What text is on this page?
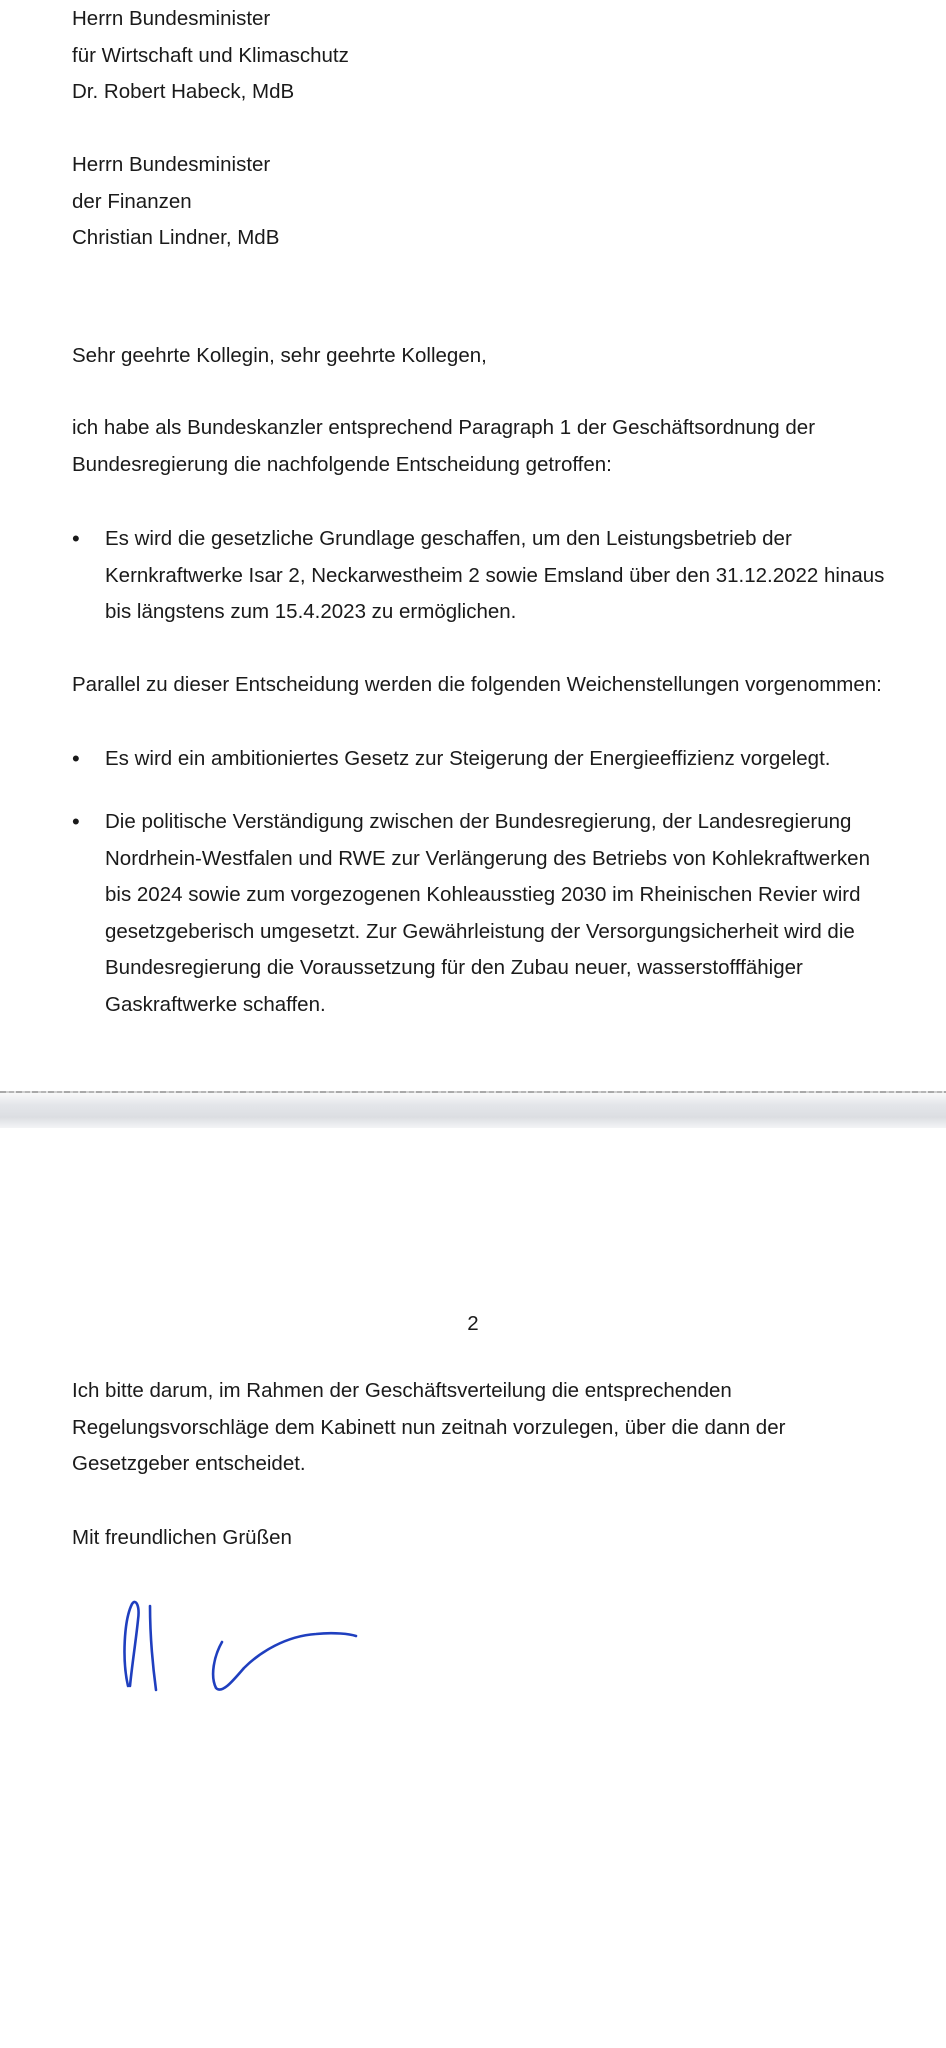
Herrn Bundesminister
für Wirtschaft und Klimaschutz
Dr. Robert Habeck, MdB
Herrn Bundesminister
der Finanzen
Christian Lindner, MdB

Sehr geehrte Kollegin, sehr geehrte Kollegen,

ich habe als Bundeskanzler entsprechend Paragraph 1 der Geschäftsordnung der
Bundesregierung die nachfolgende Entscheidung getroffen:
•	Es wird die gesetzliche Grundlage geschaffen, um den Leistungsbetrieb der
Kernkraftwerke Isar 2, Neckarwestheim 2 sowie Emsland über den 31.12.2022 hinaus
bis längstens zum 15.4.2023 zu ermöglichen.

Parallel zu dieser Entscheidung werden die folgenden Weichenstellungen vorgenommen:

•	Es wird ein ambitioniertes Gesetz zur Steigerung der Energieeffizienz vorgelegt.
•	Die politische Verständigung zwischen der Bundesregierung, der Landesregierung
Nordrhein-Westfalen und RWE zur Verlängerung des Betriebs von Kohlekraftwerken
bis 2024 sowie zum vorgezogenen Kohleausstieg 2030 im Rheinischen Revier wird
gesetzgeberisch umgesetzt. Zur Gewährleistung der Versorgungsicherheit wird die
Bundesregierung die Voraussetzung für den Zubau neuer, wasserstofffähiger
Gaskraftwerke schaffen.
2
Ich bitte darum, im Rahmen der Geschäftsverteilung die entsprechenden
Regelungsvorschläge dem Kabinett nun zeitnah vorzulegen, über die dann der
Gesetzgeber entscheidet.

Mit freundlichen Grüßen
